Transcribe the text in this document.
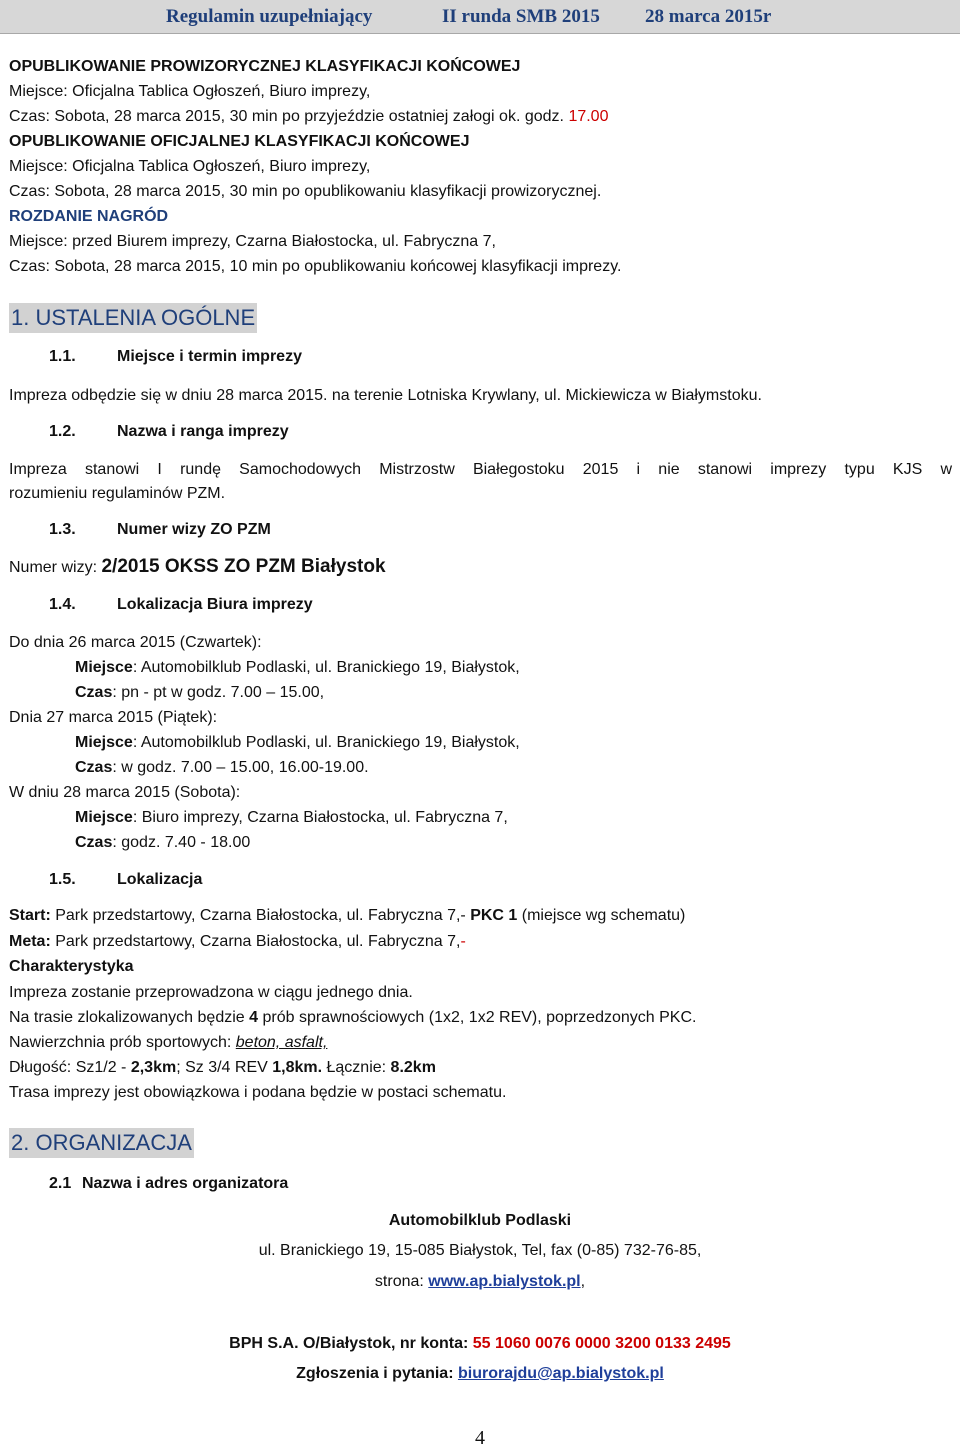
Regulamin uzupełniający	II runda SMB 2015 28 marca 2015r
OPUBLIKOWANIE PROWIZORYCZNEJ KLASYFIKACJI KOŃCOWEJ
Miejsce: Oficjalna Tablica Ogłoszeń, Biuro imprezy,
Czas: Sobota, 28 marca 2015, 30 min po przyjeździe ostatniej załogi ok. godz. 17.00
OPUBLIKOWANIE OFICJALNEJ KLASYFIKACJI KOŃCOWEJ
Miejsce: Oficjalna Tablica Ogłoszeń, Biuro imprezy,
Czas: Sobota, 28 marca 2015, 30 min po opublikowaniu klasyfikacji prowizorycznej.
ROZDANIE NAGRÓD
Miejsce: przed Biurem imprezy, Czarna Białostocka, ul. Fabryczna 7,
Czas: Sobota, 28 marca 2015, 10 min po opublikowaniu końcowej klasyfikacji imprezy.
1. USTALENIA OGÓLNE
1.1.	Miejsce i termin imprezy
Impreza odbędzie się w dniu 28 marca 2015. na terenie Lotniska Krywlany, ul. Mickiewicza w Białymstoku.
1.2.	Nazwa i ranga imprezy
Impreza stanowi I rundę Samochodowych Mistrzostw Białegostoku 2015 i nie stanowi imprezy typu KJS w
rozumieniu regulaminów PZM.
1.3.	Numer wizy ZO PZM
Numer wizy: 2/2015 OKSS ZO PZM Białystok
1.4.	Lokalizacja Biura imprezy
Do dnia 26 marca 2015 (Czwartek):
Miejsce: Automobilklub Podlaski, ul. Branickiego 19, Białystok,
Czas: pn - pt w godz. 7.00 – 15.00,
Dnia 27 marca 2015 (Piątek):
Miejsce: Automobilklub Podlaski, ul. Branickiego 19, Białystok,
Czas: w godz. 7.00 – 15.00, 16.00-19.00.
W dniu 28 marca 2015 (Sobota):
Miejsce: Biuro imprezy, Czarna Białostocka, ul. Fabryczna 7,
Czas: godz. 7.40 - 18.00
1.5.	Lokalizacja
Start: Park przedstartowy, Czarna Białostocka, ul. Fabryczna 7,- PKC 1 (miejsce wg schematu)
Meta: Park przedstartowy, Czarna Białostocka, ul. Fabryczna 7,-
Charakterystyka
Impreza zostanie przeprowadzona w ciągu jednego dnia.
Na trasie zlokalizowanych będzie 4 prób sprawnościowych (1x2, 1x2 REV), poprzedzonych PKC.
Nawierzchnia prób sportowych: beton, asfalt,
Długość: Sz1/2 - 2,3km; Sz 3/4 REV 1,8km. Łącznie: 8.2km
Trasa imprezy jest obowiązkowa i podana będzie w postaci schematu.
2. ORGANIZACJA
2.1 Nazwa i adres organizatora
Automobilklub Podlaski
ul. Branickiego 19, 15-085 Białystok, Tel, fax (0-85) 732-76-85,
strona: www.ap.bialystok.pl,
BPH S.A. O/Białystok, nr konta: 55 1060 0076 0000 3200 0133 2495
Zgłoszenia i pytania: biurorajdu@ap.bialystok.pl
4
